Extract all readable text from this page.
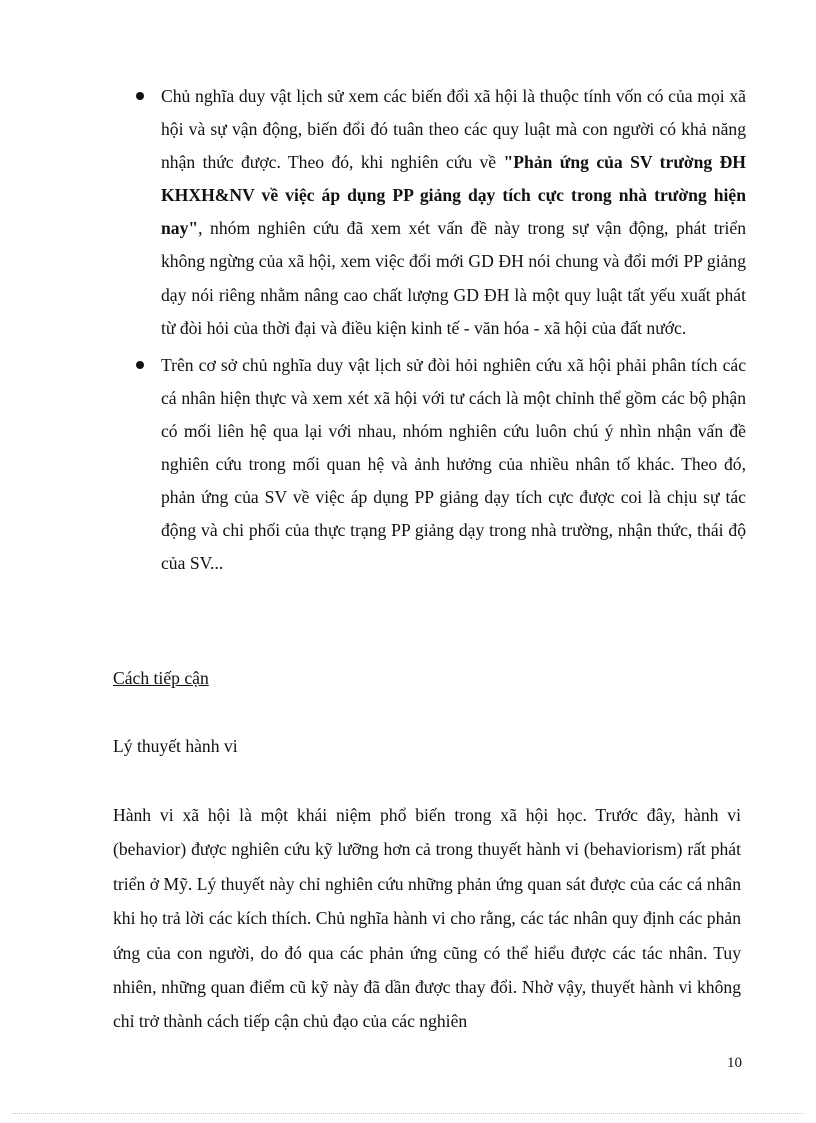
Chủ nghĩa duy vật lịch sử xem các biến đổi xã hội là thuộc tính vốn có của mọi xã hội và sự vận động, biến đổi đó tuân theo các quy luật mà con người có khả năng nhận thức được. Theo đó, khi nghiên cứu về "Phản ứng của SV trường ĐH KHXH&NV về việc áp dụng PP giảng dạy tích cực trong nhà trường hiện nay", nhóm nghiên cứu đã xem xét vấn đề này trong sự vận động, phát triển không ngừng của xã hội, xem việc đổi mới GD ĐH nói chung và đổi mới PP giảng dạy nói riêng nhằm nâng cao chất lượng GD ĐH là một quy luật tất yếu xuất phát từ đòi hỏi của thời đại và điều kiện kinh tế - văn hóa - xã hội của đất nước.
Trên cơ sở chủ nghĩa duy vật lịch sử đòi hỏi nghiên cứu xã hội phải phân tích các cá nhân hiện thực và xem xét xã hội với tư cách là một chỉnh thể gồm các bộ phận có mối liên hệ qua lại với nhau, nhóm nghiên cứu luôn chú ý nhìn nhận vấn đề nghiên cứu trong mối quan hệ và ảnh hưởng của nhiều nhân tố khác. Theo đó, phản ứng của SV về việc áp dụng PP giảng dạy tích cực được coi là chịu sự tác động và chi phối của thực trạng PP giảng dạy trong nhà trường, nhận thức, thái độ của SV...
Cách tiếp cận
Lý thuyết hành vi

Hành vi xã hội là một khái niệm phổ biến trong xã hội học. Trước đây, hành vi (behavior) được nghiên cứu kỹ lưỡng hơn cả trong thuyết hành vi (behaviorism) rất phát triển ở Mỹ. Lý thuyết này chỉ nghiên cứu những phản ứng quan sát được của các cá nhân khi họ trả lời các kích thích. Chủ nghĩa hành vi cho rằng, các tác nhân quy định các phản ứng của con người, do đó qua các phản ứng cũng có thể hiểu được các tác nhân. Tuy nhiên, những quan điểm cũ kỹ này đã dần được thay đổi. Nhờ vậy, thuyết hành vi không chỉ trở thành cách tiếp cận chủ đạo của các nghiên

10
